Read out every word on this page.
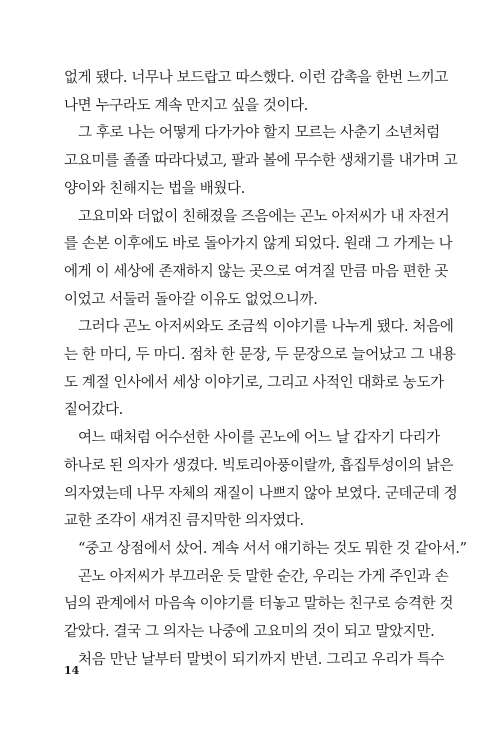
없게 됐다. 너무나 보드랍고 따스했다. 이런 감촉을 한번 느끼고
나면 누구라도 계속 만지고 싶을 것이다.
그 후로 나는 어떻게 다가가야 할지 모르는 사춘기 소년처럼
고요미를 졸졸 따라다녔고, 팔과 볼에 무수한 생채기를 내가며 고
양이와 친해지는 법을 배웠다.
고요미와 더없이 친해졌을 즈음에는 곤노 아저씨가 내 자전거
를 손본 이후에도 바로 돌아가지 않게 되었다. 원래 그 가게는 나
에게 이 세상에 존재하지 않는 곳으로 여겨질 만큼 마음 편한 곳
이었고 서둘러 돌아갈 이유도 없었으니까.
그러다 곤노 아저씨와도 조금씩 이야기를 나누게 됐다. 처음에
는 한 마디, 두 마디. 점차 한 문장, 두 문장으로 늘어났고 그 내용
도 계절 인사에서 세상 이야기로, 그리고 사적인 대화로 농도가
짙어갔다.
여느 때처럼 어수선한 사이를 곤노에 어느 날 갑자기 다리가
하나로 된 의자가 생겼다. 빅토리아풍이랄까, 흡집투성이의 낡은
의자였는데 나무 자체의 재질이 나쁘지 않아 보였다. 군데군데 정
교한 조각이 새겨진 큼지막한 의자였다.
“중고 상점에서 샀어. 계속 서서 얘기하는 것도 뭐한 것 같아서.”
곤노 아저씨가 부끄러운 듯 말한 순간, 우리는 가게 주인과 손
님의 관계에서 마음속 이야기를 터놓고 말하는 친구로 승격한 것
같았다. 결국 그 의자는 나중에 고요미의 것이 되고 말았지만.
처음 만난 날부터 말벗이 되기까지 반년. 그리고 우리가 특수
14
